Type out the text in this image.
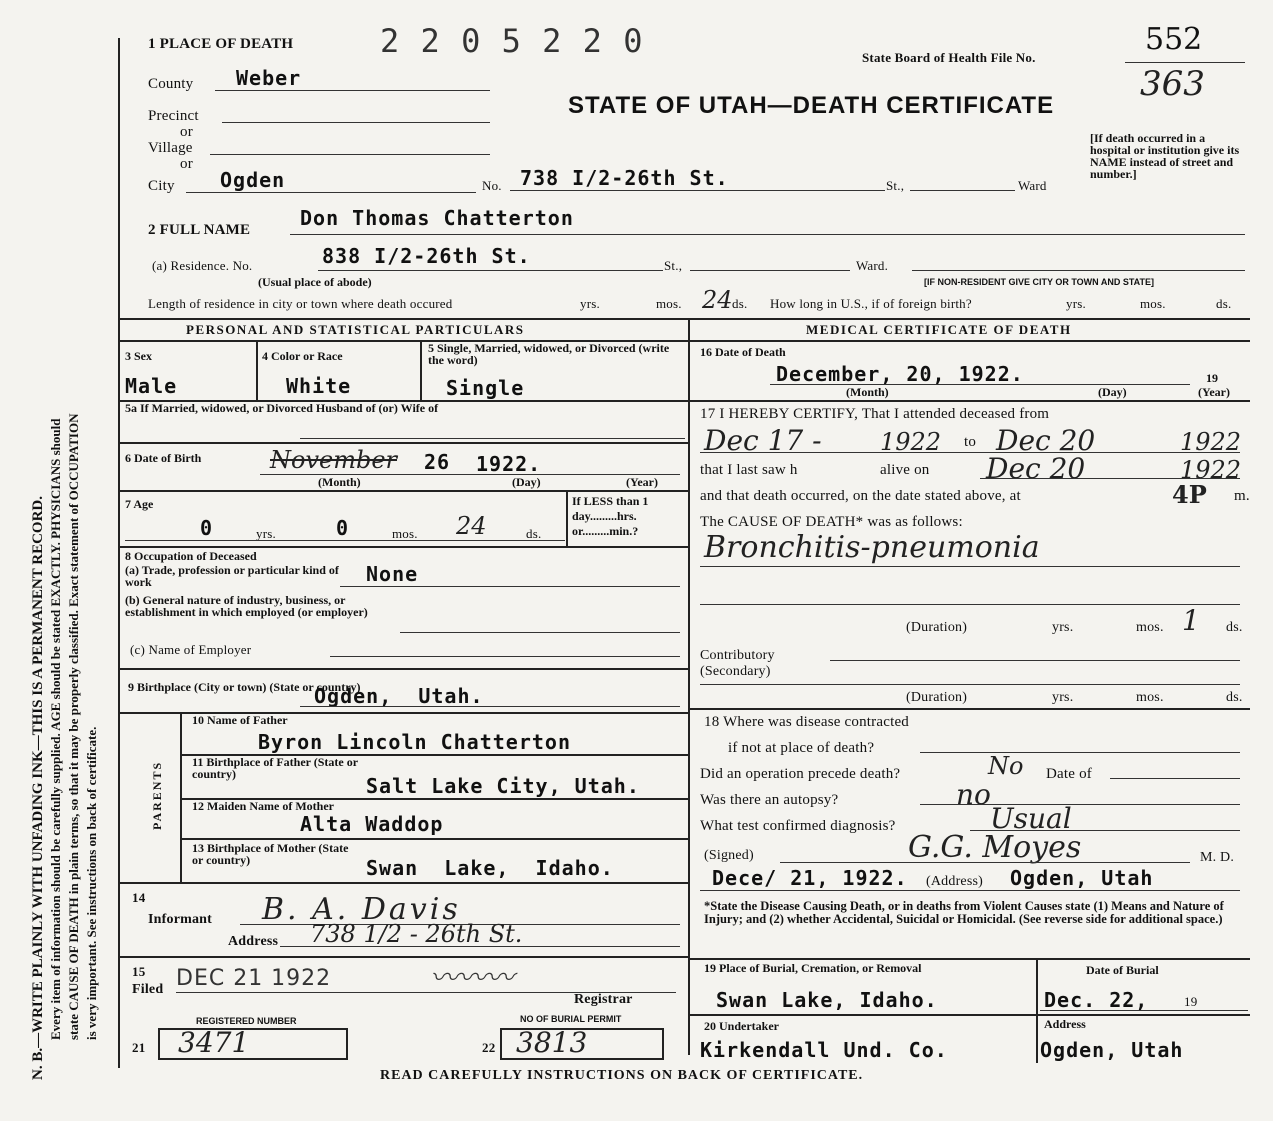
N. B.—WRITE PLAINLY WITH UNFADING INK—THIS IS A PERMANENT RECORD. Every item of information should be carefully supplied. AGE should be stated EXACTLY. PHYSICIANS should state CAUSE OF DEATH in plain terms, so that it may be properly classified. Exact statement of OCCUPATION is very important. See instructions on back of certificate.
1 PLACE OF DEATH	2 2 0 5 2 2 0	State Board of Health File No.
552
363
STATE OF UTAH—DEATH CERTIFICATE
[If death occurred in a hospital or institution give its NAME instead of street and number.]
County Weber
Precinct
or
Village
or
City Ogden	No. 738 I/2-26th St.	St.,	Ward
2 FULL NAME Don Thomas Chatterton
(a) Residence. No.
(Usual place of abode)
838 I/2-26th St.	St.,	Ward.
[IF NON-RESIDENT GIVE CITY OR TOWN AND STATE]
Length of residence in city or town where death occured	yrs.	mos. 24 ds. How long in U.S., if of foreign birth?	yrs.	mos.	ds.
PERSONAL AND STATISTICAL PARTICULARS
3 Sex
Male
4 Color or Race
White
5 Single, Married, widowed, or Divorced (write the word)
Single
5a If Married, widowed, or Divorced Husband of (or) Wife of
6 Date of Birth	November 26 1922.
(Month)	(Day)	(Year)
7 Age
0	yrs.	0	mos. 24	ds.
If LESS than 1 day.........hrs. or.........min.?
8 Occupation of Deceased
(a) Trade, profession or particular kind of work	None
(b) General nature of industry, business, or establishment in which employed (or employer)
(c) Name of Employer
9 Birthplace (City or town) (State or country)
Ogden,  Utah.
PARENTS
10 Name of Father
Byron Lincoln Chatterton
11 Birthplace of Father (State or country)	Salt Lake City, Utah.
12 Maiden Name of Mother
Alta Waddop
13 Birthplace of Mother (State or country)	Swan  Lake,  Idaho.
14
Informant B. A. Davis
Address 738 1/2 - 26th St.
15
Filed DEC 21 1922	〰〰〰
Registrar
REGISTERED NUMBER
21 3471
NO OF BURIAL PERMIT
22 3813
MEDICAL CERTIFICATE OF DEATH
16 Date of Death
December, 20, 1922.
(Month)	(Day)
19
(Year)
17 I HEREBY CERTIFY, That I attended deceased from
Dec 17 - 1922 to Dec 20	1922
that I last saw h	alive on Dec 20	1922
and that death occurred, on the date stated above, at	4P m.
The CAUSE OF DEATH* was as follows:
Bronchitis-pneumonia
(Duration)	yrs.	mos. 1 ds.
Contributory (Secondary)
(Duration)	yrs.	mos.	ds.
18 Where was disease contracted
if not at place of death?
Did an operation precede death?	No Date of
Was there an autopsy?	no
What test confirmed diagnosis?	Usual
(Signed)	G.G. Moyes	M. D.
Dece/ 21, 1922. (Address) Ogden, Utah
*State the Disease Causing Death, or in deaths from Violent Causes state (1) Means and Nature of Injury; and (2) whether Accidental, Suicidal or Homicidal. (See reverse side for additional space.)
19 Place of Burial, Cremation, or Removal	Date of Burial
Swan Lake, Idaho.	Dec. 22,	19
20 Undertaker
Kirkendall Und. Co.
Address
Ogden, Utah
READ CAREFULLY INSTRUCTIONS ON BACK OF CERTIFICATE.
